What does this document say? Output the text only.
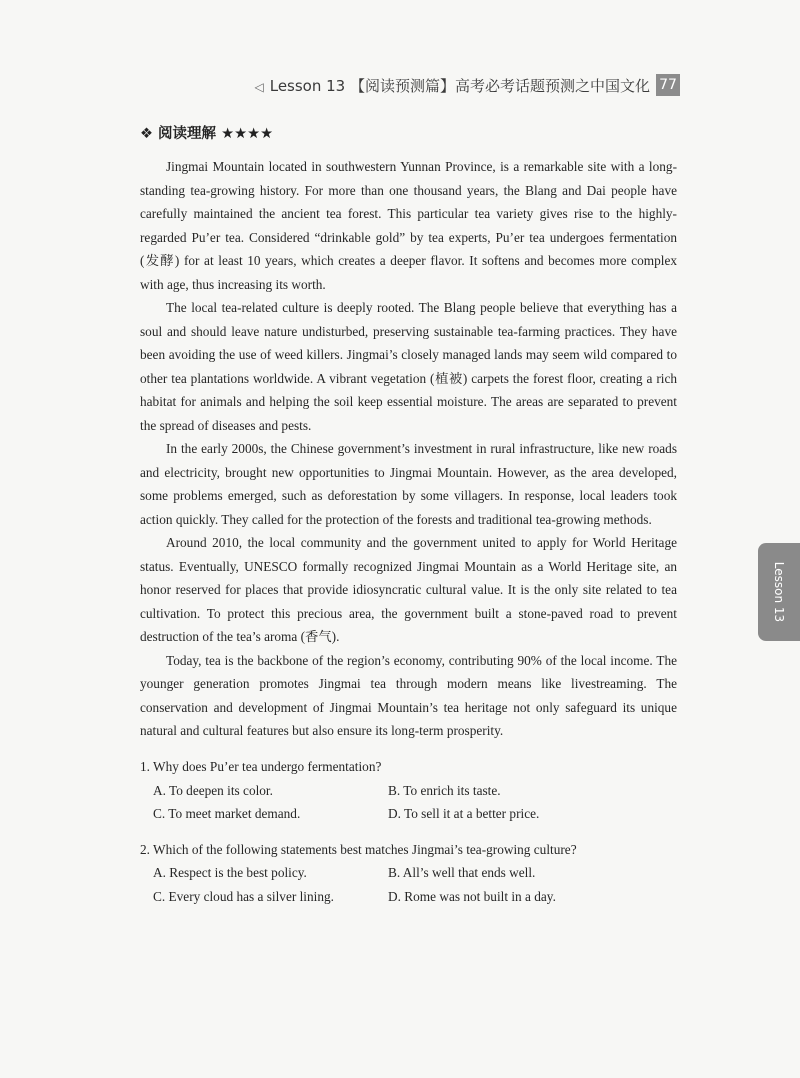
◁ Lesson 13 【阅读预测篇】高考必考话题预测之中国文化 77
❖ 阅读理解 ★★★★

Jingmai Mountain located in southwestern Yunnan Province, is a remarkable site with a long-standing tea-growing history. For more than one thousand years, the Blang and Dai people have carefully maintained the ancient tea forest. This particular tea variety gives rise to the highly-regarded Pu’er tea. Considered “drinkable gold” by tea experts, Pu’er tea undergoes fermentation (发酵) for at least 10 years, which creates a deeper flavor. It softens and becomes more complex with age, thus increasing its worth.

The local tea-related culture is deeply rooted. The Blang people believe that everything has a soul and should leave nature undisturbed, preserving sustainable tea-farming practices. They have been avoiding the use of weed killers. Jingmai’s closely managed lands may seem wild compared to other tea plantations worldwide. A vibrant vegetation (植被) carpets the forest floor, creating a rich habitat for animals and helping the soil keep essential moisture. The areas are separated to prevent the spread of diseases and pests.

In the early 2000s, the Chinese government’s investment in rural infrastructure, like new roads and electricity, brought new opportunities to Jingmai Mountain. However, as the area developed, some problems emerged, such as deforestation by some villagers. In response, local leaders took action quickly. They called for the protection of the forests and traditional tea-growing methods.

Around 2010, the local community and the government united to apply for World Heritage status. Eventually, UNESCO formally recognized Jingmai Mountain as a World Heritage site, an honor reserved for places that provide idiosyncratic cultural value. It is the only site related to tea cultivation. To protect this precious area, the government built a stone-paved road to prevent destruction of the tea’s aroma (香气).

Today, tea is the backbone of the region’s economy, contributing 90% of the local income. The younger generation promotes Jingmai tea through modern means like livestreaming. The conservation and development of Jingmai Mountain’s tea heritage not only safeguard its unique natural and cultural features but also ensure its long-term prosperity.

1. Why does Pu’er tea undergo fermentation?

A. To deepen its color.	B. To enrich its taste.
C. To meet market demand.	D. To sell it at a better price.

2. Which of the following statements best matches Jingmai’s tea-growing culture?

A. Respect is the best policy.	B. All’s well that ends well.
C. Every cloud has a silver lining.	D. Rome was not built in a day.
Lesson 13
